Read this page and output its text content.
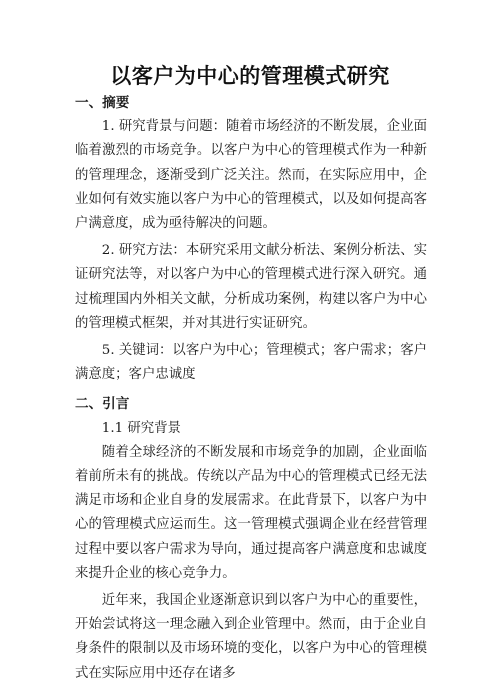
以客户为中心的管理模式研究
一、摘要

1. 研究背景与问题：随着市场经济的不断发展，企业面临着激烈的市场竞争。以客户为中心的管理模式作为一种新的管理理念，逐渐受到广泛关注。然而，在实际应用中，企业如何有效实施以客户为中心的管理模式，以及如何提高客户满意度，成为亟待解决的问题。

2. 研究方法：本研究采用文献分析法、案例分析法、实证研究法等，对以客户为中心的管理模式进行深入研究。通过梳理国内外相关文献，分析成功案例，构建以客户为中心的管理模式框架，并对其进行实证研究。

5. 关键词：以客户为中心；管理模式；客户需求；客户满意度；客户忠诚度

二、引言

1.1 研究背景

随着全球经济的不断发展和市场竞争的加剧，企业面临着前所未有的挑战。传统以产品为中心的管理模式已经无法满足市场和企业自身的发展需求。在此背景下，以客户为中心的管理模式应运而生。这一管理模式强调企业在经营管理过程中要以客户需求为导向，通过提高客户满意度和忠诚度来提升企业的核心竞争力。

近年来，我国企业逐渐意识到以客户为中心的重要性，开始尝试将这一理念融入到企业管理中。然而，由于企业自身条件的限制以及市场环境的变化，以客户为中心的管理模式在实际应用中还存在诸多
